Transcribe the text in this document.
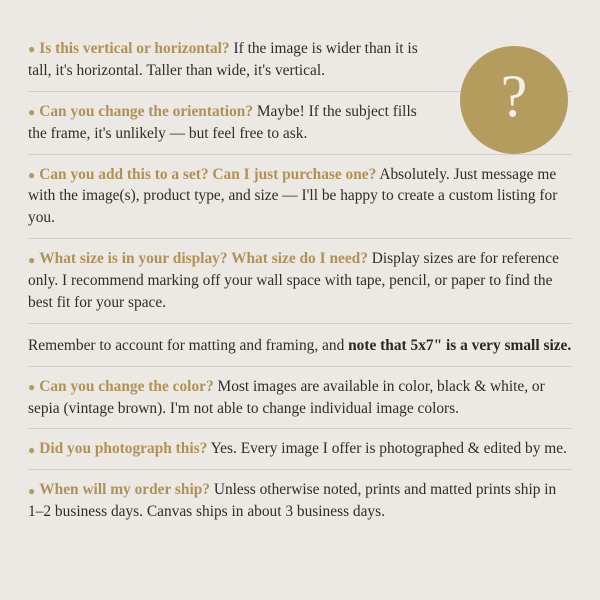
?

● Is this vertical or horizontal? If the image is wider than it is tall, it's horizontal. Taller than wide, it's vertical.

● Can you change the orientation? Maybe! If the subject fills the frame, it's unlikely — but feel free to ask.

● Can you add this to a set? Can I just purchase one? Absolutely. Just message me with the image(s), product type, and size — I'll be happy to create a custom listing for you.

● What size is in your display? What size do I need? Display sizes are for reference only. I recommend marking off your wall space with tape, pencil, or paper to find the best fit for your space.

Remember to account for matting and framing, and note that 5x7" is a very small size.

● Can you change the color? Most images are available in color, black & white, or sepia (vintage brown). I'm not able to change individual image colors.

● Did you photograph this? Yes. Every image I offer is photographed & edited by me.

● When will my order ship? Unless otherwise noted, prints and matted prints ship in 1–2 business days. Canvas ships in about 3 business days.
